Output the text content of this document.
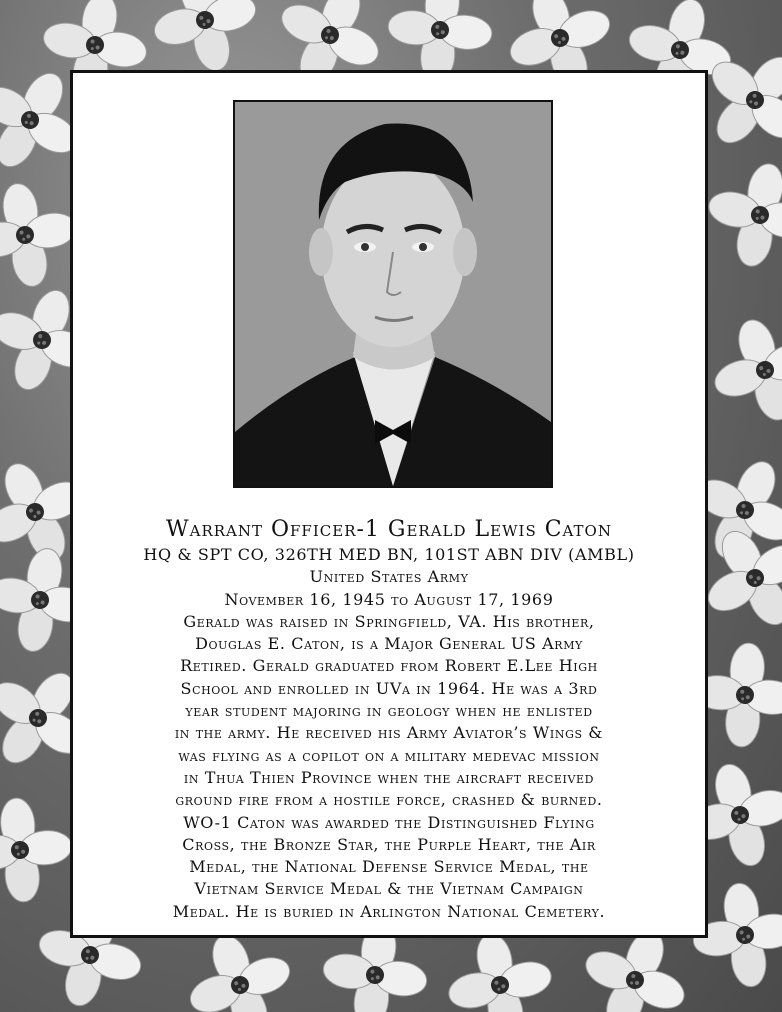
Warrant Officer-1 Gerald Lewis Caton
HQ & SPT CO, 326TH MED BN, 101ST ABN DIV (AMBL)
United States Army
November 16, 1945 to August 17, 1969
Gerald was raised in Springfield, VA. His brother,
Douglas E. Caton, is a Major General US Army
Retired. Gerald graduated from Robert E.Lee High
School and enrolled in UVa in 1964. He was a 3rd
year student majoring in geology when he enlisted
in the army. He received his Army Aviator’s Wings &
was flying as a copilot on a military medevac mission
in Thua Thien Province when the aircraft received
ground fire from a hostile force, crashed & burned.
WO-1 Caton was awarded the Distinguished Flying
Cross, the Bronze Star, the Purple Heart, the Air
Medal, the National Defense Service Medal, the
Vietnam Service Medal & the Vietnam Campaign
Medal. He is buried in Arlington National Cemetery.
